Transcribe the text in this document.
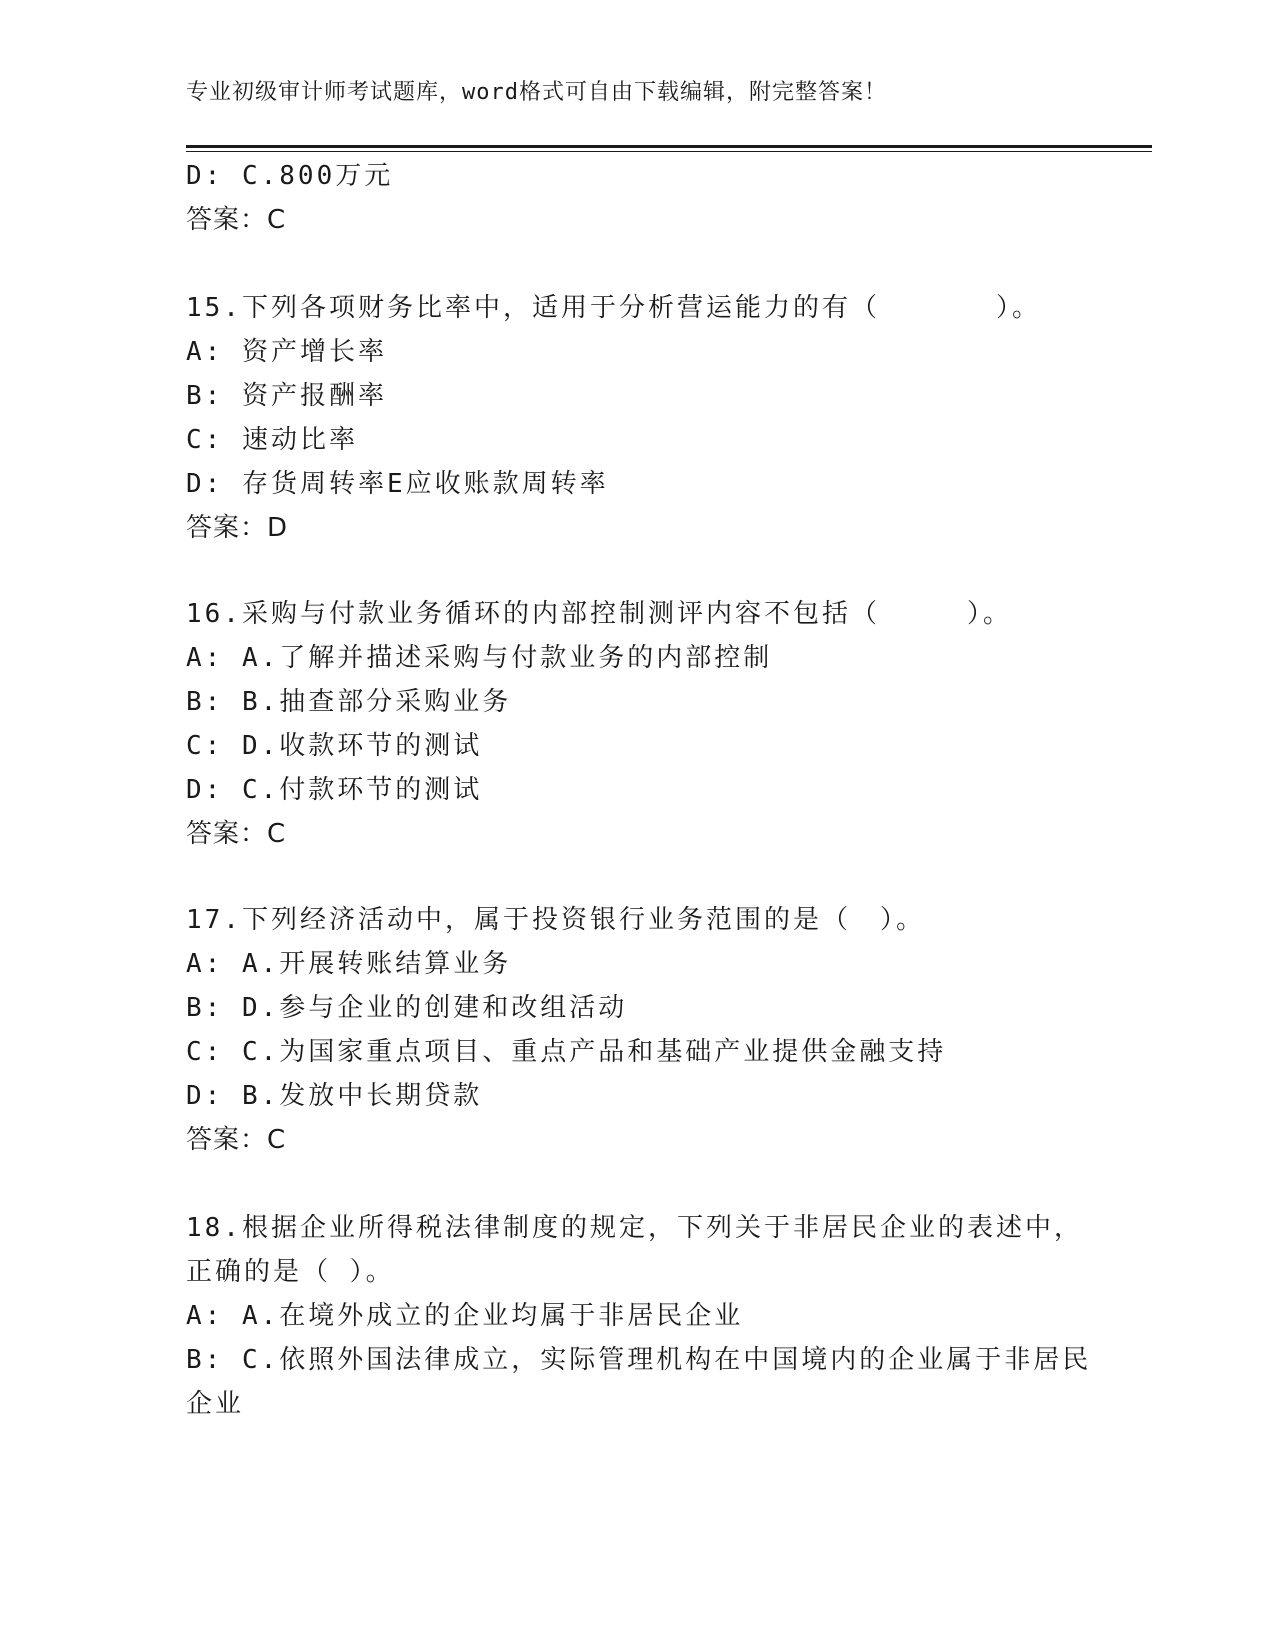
专业初级审计师考试题库，word格式可自由下载编辑，附完整答案！
D: C.800万元
答案：C
15.下列各项财务比率中，适用于分析营运能力的有（　　　　）。
A: 资产增长率
B: 资产报酬率
C: 速动比率
D: 存货周转率E应收账款周转率
答案：D
16.采购与付款业务循环的内部控制测评内容不包括（　　　）。
A: A.了解并描述采购与付款业务的内部控制
B: B.抽查部分采购业务
C: D.收款环节的测试
D: C.付款环节的测试
答案：C
17.下列经济活动中，属于投资银行业务范围的是（　）。
A: A.开展转账结算业务
B: D.参与企业的创建和改组活动
C: C.为国家重点项目、重点产品和基础产业提供金融支持
D: B.发放中长期贷款
答案：C
18.根据企业所得税法律制度的规定，下列关于非居民企业的表述中，
正确的是（ ）。
A: A.在境外成立的企业均属于非居民企业
B: C.依照外国法律成立，实际管理机构在中国境内的企业属于非居民
企业
